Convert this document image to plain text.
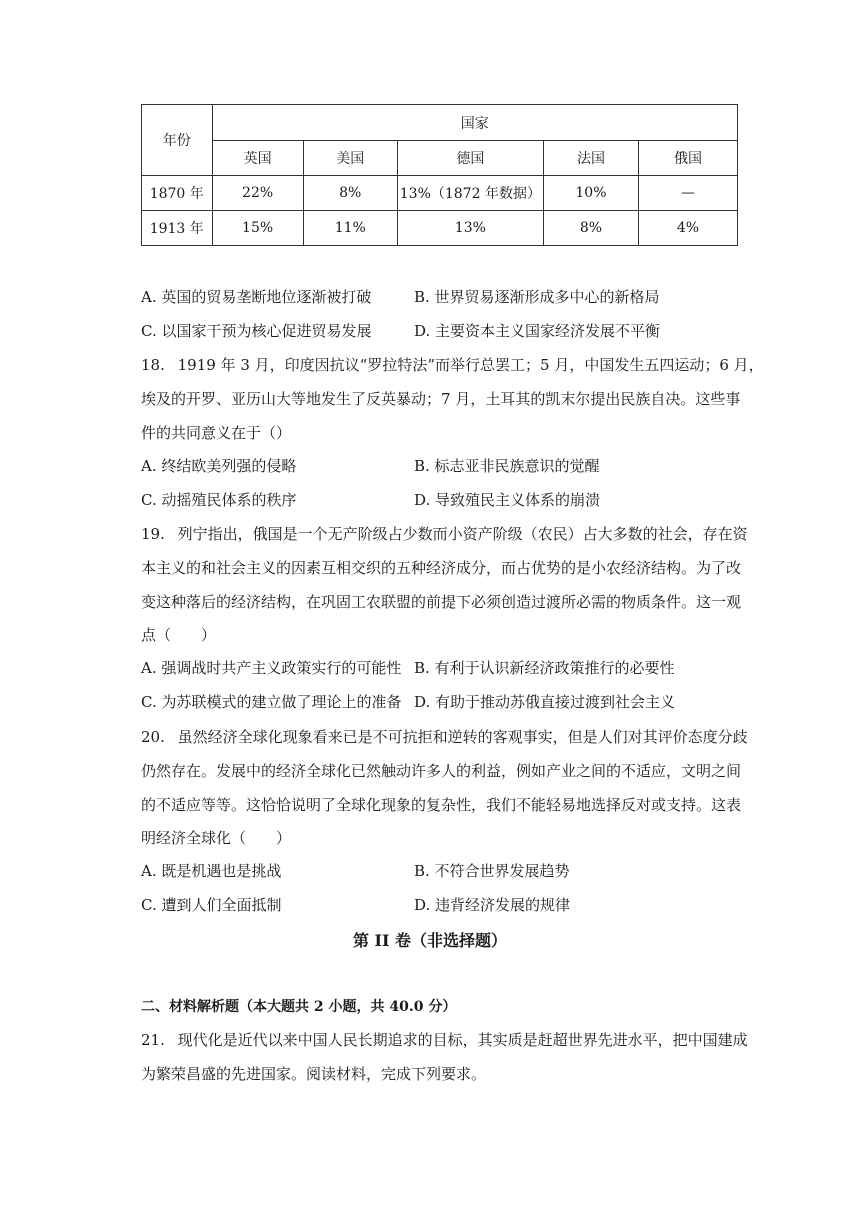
年份	国家				
	英国	美国	德国	法国	俄国
1870 年	22%	8%	13%（1872 年数据）	10%	—
1913 年	15%	11%	13%	8%	4%
A. 英国的贸易垄断地位逐渐被打破	B. 世界贸易逐渐形成多中心的新格局
C. 以国家干预为核心促进贸易发展	D. 主要资本主义国家经济发展不平衡
18. 1919 年 3 月，印度因抗议“罗拉特法”而举行总罢工；5 月，中国发生五四运动；6 月，
埃及的开罗、亚历山大等地发生了反英暴动；7 月，土耳其的凯末尔提出民族自决。这些事
件的共同意义在于（）
A. 终结欧美列强的侵略	B. 标志亚非民族意识的觉醒
C. 动摇殖民体系的秩序	D. 导致殖民主义体系的崩溃
19. 列宁指出，俄国是一个无产阶级占少数而小资产阶级（农民）占大多数的社会，存在资
本主义的和社会主义的因素互相交织的五种经济成分，而占优势的是小农经济结构。为了改
变这种落后的经济结构，在巩固工农联盟的前提下必须创造过渡所必需的物质条件。这一观
点（　　）
A. 强调战时共产主义政策实行的可能性 B. 有利于认识新经济政策推行的必要性
C. 为苏联模式的建立做了理论上的准备 D. 有助于推动苏俄直接过渡到社会主义
20. 虽然经济全球化现象看来已是不可抗拒和逆转的客观事实，但是人们对其评价态度分歧
仍然存在。发展中的经济全球化已然触动许多人的利益，例如产业之间的不适应，文明之间
的不适应等等。这恰恰说明了全球化现象的复杂性，我们不能轻易地选择反对或支持。这表
明经济全球化（　　）
A. 既是机遇也是挑战	B. 不符合世界发展趋势
C. 遭到人们全面抵制	D. 违背经济发展的规律
第 II 卷（非选择题）
二、材料解析题（本大题共 2 小题，共 40.0 分）
21. 现代化是近代以来中国人民长期追求的目标，其实质是赶超世界先进水平，把中国建成
为繁荣昌盛的先进国家。阅读材料，完成下列要求。
